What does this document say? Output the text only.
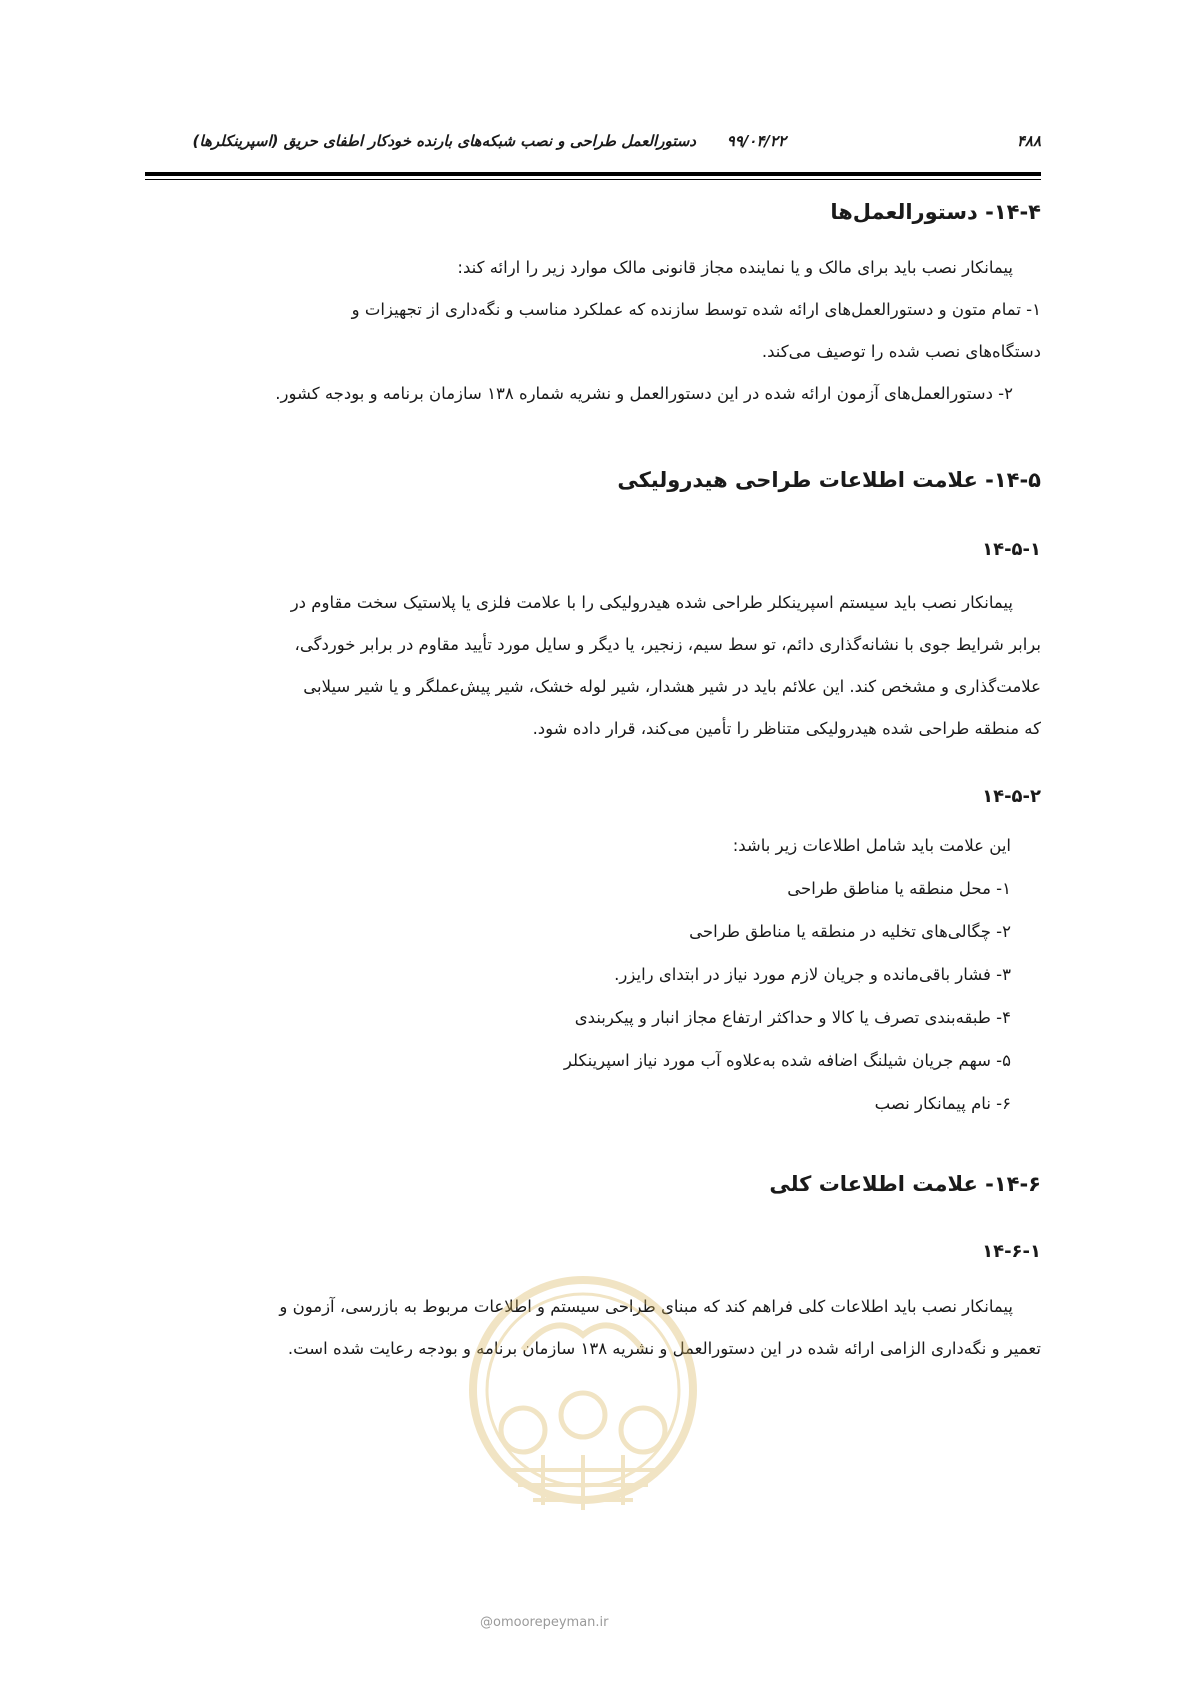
۴۸۸
۹۹/۰۴/۲۲
دستورالعمل طراحی و نصب شبکه‌های بارنده خودکار اطفای حریق (اسپرینکلرها)
۱۴-۴- دستورالعمل‌ها
پیمانکار نصب باید برای مالک و یا نماینده مجاز قانونی مالک موارد زیر را ارائه کند:
۱- تمام متون و دستورالعمل‌های ارائه شده توسط سازنده که عملکرد مناسب و نگه‌داری از تجهیزات و
دستگاه‌های نصب شده را توصیف می‌کند.
۲- دستورالعمل‌های آزمون ارائه شده در این دستورالعمل و نشریه شماره ۱۳۸ سازمان برنامه و بودجه کشور.
۱۴-۵- علامت اطلاعات طراحی هیدرولیکی
۱۴-۵-۱
پیمانکار نصب باید سیستم اسپرینکلر طراحی شده هیدرولیکی را با علامت فلزی یا پلاستیک سخت مقاوم در
برابر شرایط جوی با نشانه‌گذاری دائم، تو سط سیم، زنجیر، یا دیگر و سایل مورد تأیید مقاوم در برابر خوردگی،
علامت‌گذاری و مشخص کند. این علائم باید در شیر هشدار، شیر لوله خشک، شیر پیش‌عملگر و یا شیر سیلابی
که منطقه طراحی شده هیدرولیکی متناظر را تأمین می‌کند، قرار داده شود.
۱۴-۵-۲
این علامت باید شامل اطلاعات زیر باشد:
۱- محل منطقه یا مناطق طراحی
۲- چگالی‌های تخلیه در منطقه یا مناطق طراحی
۳- فشار باقی‌مانده و جریان لازم مورد نیاز در ابتدای رایزر.
۴- طبقه‌بندی تصرف یا کالا و حداکثر ارتفاع مجاز انبار و پیکربندی
۵- سهم جریان شیلنگ اضافه شده به‌علاوه آب مورد نیاز اسپرینکلر
۶- نام پیمانکار نصب
۱۴-۶- علامت اطلاعات کلی
۱۴-۶-۱
پیمانکار نصب باید اطلاعات کلی فراهم کند که مبنای طراحی سیستم و اطلاعات مربوط به بازرسی، آزمون و
تعمیر و نگه‌داری الزامی ارائه شده در این دستورالعمل و نشریه ۱۳۸ سازمان برنامه و بودجه رعایت شده است.
@omoorepeyman.ir
